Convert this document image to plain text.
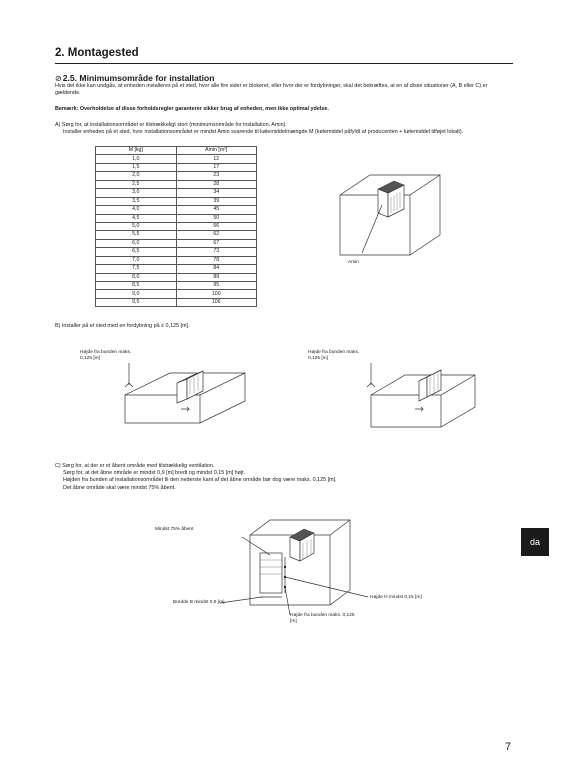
2. Montagested
⊘2.5. Minimumsområde for installation
Hvis det ikke kan undgås, at enheden installeres på et sted, hvor alle fire sider er blokeret, eller hvor der er fordybninger, skal det bekræftes, at en af disse situationer (A, B eller C) er gældende.
Bemærk: Overholdelse af disse forholdsregler garanterer sikker brug af enheden, men ikke optimal ydelse.
A) Sørg for, at installationsområdet er tilstrækkeligt stort (minimumsområde for installation, Amin).
Installer enheden på et sted, hvor installationsområdet er mindst Amin svarende til kølemiddelmængde M (kølemiddel påfyldt af producenten + kølemiddel tilføjet lokalt).
M [kg]	Amin [m²]
1,0	12
1,5	17
2,0	23
2,5	28
3,0	34
3,5	39
4,0	45
4,5	50
5,0	56
5,5	62
6,0	67
6,5	73
7,0	78
7,5	84
8,0	89
8,5	95
9,0	100
9,5	106
Amin
B) Installer på et sted med en fordybning på ≤ 0,125 [m].
Højde fra bunden maks. 0,125 [m]
Højde fra bunden maks. 0,125 [m]
C) Sørg for, at der er et åbent område med tilstrækkelig ventilation.
Sørg for, at det åbne område er mindst 0,9 [m] bredt og mindst 0,15 [m] højt.
Højden fra bunden af installationsområdet til den nederste kant af det åbne område bør dog være maks. 0,125 [m].
Det åbne område skal være mindst 75% åbent.
Mindst 75% åbent
Højde H mindst 0,15 [m]
Bredde B mindst 0,9 [m]
Højde fra bunden maks. 0,125 [m]
da
7
